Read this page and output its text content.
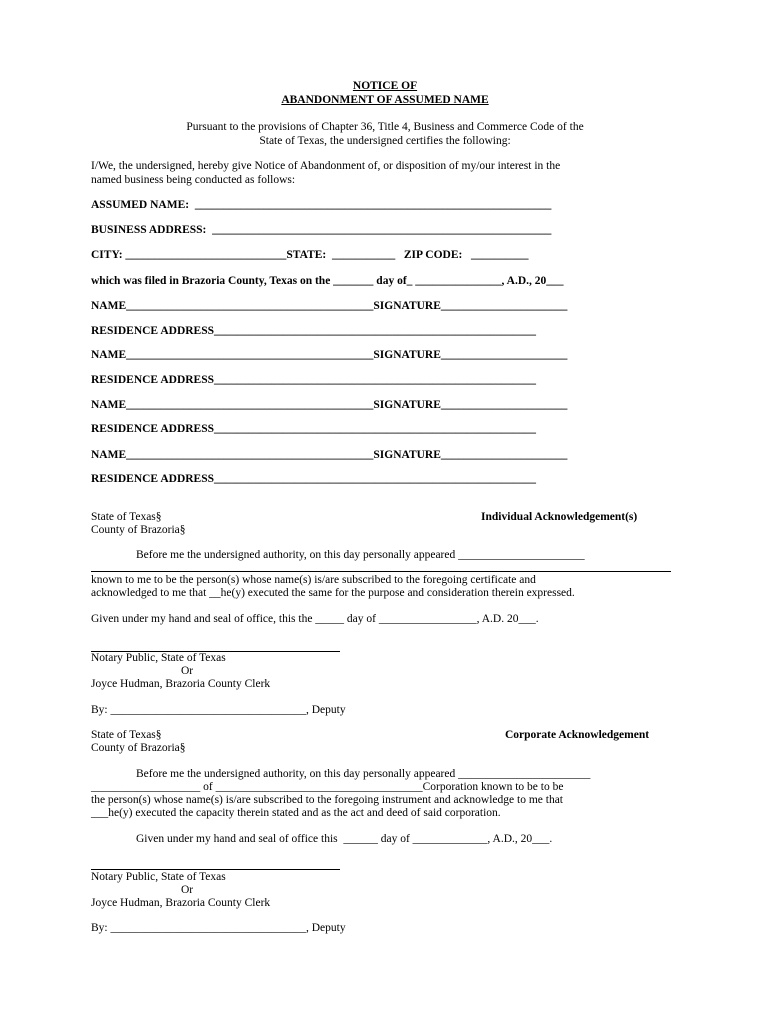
NOTICE OF
ABANDONMENT OF ASSUMED NAME
Pursuant to the provisions of Chapter 36, Title 4, Business and Commerce Code of the
State of Texas, the undersigned certifies the following:
I/We, the undersigned, hereby give Notice of Abandonment of, or disposition of my/our interest in the
named business being conducted as follows:
ASSUMED NAME:  ______________________________________________________________
BUSINESS ADDRESS:  ___________________________________________________________
CITY: ____________________________STATE:  ___________   ZIP CODE:   __________
which was filed in Brazoria County, Texas on the _______ day of_ _______________, A.D., 20___
NAME___________________________________________SIGNATURE______________________
RESIDENCE ADDRESS________________________________________________________
NAME___________________________________________SIGNATURE______________________
RESIDENCE ADDRESS________________________________________________________
NAME___________________________________________SIGNATURE______________________
RESIDENCE ADDRESS________________________________________________________
NAME___________________________________________SIGNATURE______________________
RESIDENCE ADDRESS________________________________________________________
State of Texas§	Individual Acknowledgement(s)
County of Brazoria§
Before me the undersigned authority, on this day personally appeared ______________________
known to me to be the person(s) whose name(s) is/are subscribed to the foregoing certificate and
acknowledged to me that __he(y) executed the same for the purpose and consideration therein expressed.
Given under my hand and seal of office, this the _____ day of _________________, A.D. 20___.
Notary Public, State of Texas
Or
Joyce Hudman, Brazoria County Clerk
By: __________________________________, Deputy
State of Texas§	Corporate Acknowledgement
County of Brazoria§
Before me the undersigned authority, on this day personally appeared _______________________
___________________ of ____________________________________Corporation known to be to be
the person(s) whose name(s) is/are subscribed to the foregoing instrument and acknowledge to me that
___he(y) executed the capacity therein stated and as the act and deed of said corporation.
Given under my hand and seal of office this  ______ day of _____________, A.D., 20___.
Notary Public, State of Texas
Or
Joyce Hudman, Brazoria County Clerk
By: __________________________________, Deputy
